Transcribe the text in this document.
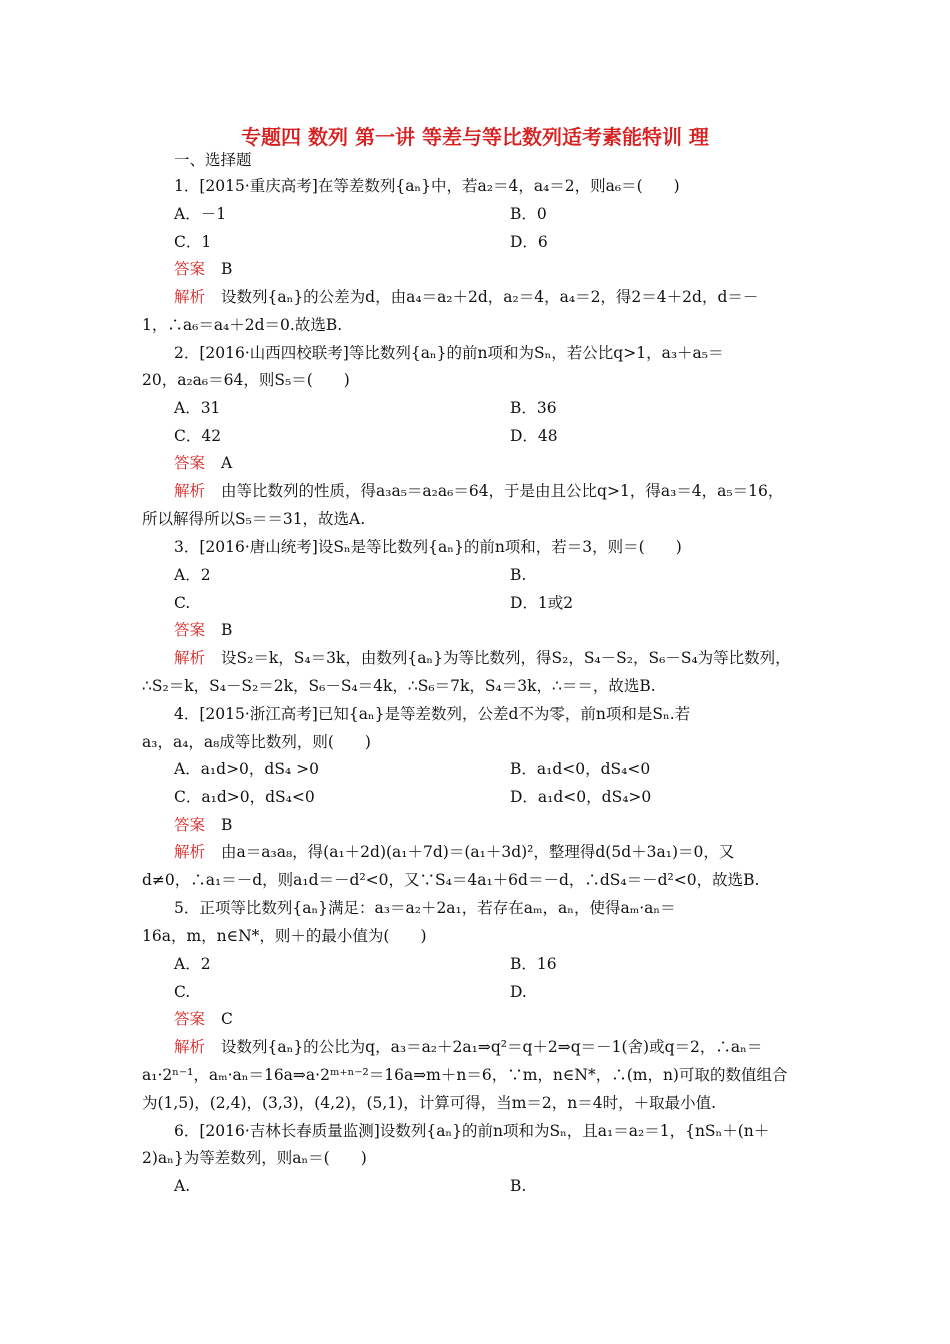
专题四 数列 第一讲 等差与等比数列适考素能特训 理
一、选择题
1．[2015·重庆高考]在等差数列{aₙ}中，若a₂＝4，a₄＝2，则a₆＝(　　)
A．－1	B．0
C．1	D．6
答案 B
解析 设数列{aₙ}的公差为d，由a₄＝a₂＋2d，a₂＝4，a₄＝2，得2＝4＋2d，d＝－
1，∴a₆＝a₄＋2d＝0.故选B.
2．[2016·山西四校联考]等比数列{aₙ}的前n项和为Sₙ，若公比q>1，a₃＋a₅＝
20，a₂a₆＝64，则S₅＝(　　)
A．31	B．36
C．42	D．48
答案 A
解析 由等比数列的性质，得a₃a₅＝a₂a₆＝64，于是由且公比q>1，得a₃＝4，a₅＝16，
所以解得所以S₅＝＝31，故选A.
3．[2016·唐山统考]设Sₙ是等比数列{aₙ}的前n项和，若＝3，则＝(　　)
A．2	B.
C.	D．1或2
答案 B
解析 设S₂＝k，S₄＝3k，由数列{aₙ}为等比数列，得S₂，S₄－S₂，S₆－S₄为等比数列，
∴S₂＝k，S₄－S₂＝2k，S₆－S₄＝4k，∴S₆＝7k，S₄＝3k，∴＝＝，故选B.
4．[2015·浙江高考]已知{aₙ}是等差数列，公差d不为零，前n项和是Sₙ.若
a₃，a₄，a₈成等比数列，则(　　)
A．a₁d>0，dS₄ >0	B．a₁d<0，dS₄<0
C．a₁d>0，dS₄<0	D．a₁d<0，dS₄>0
答案 B
解析 由a＝a₃a₈，得(a₁＋2d)(a₁＋7d)＝(a₁＋3d)²，整理得d(5d＋3a₁)＝0，又
d≠0，∴a₁＝－d，则a₁d＝－d²<0，又∵S₄＝4a₁＋6d＝－d，∴dS₄＝－d²<0，故选B.
5．正项等比数列{aₙ}满足：a₃＝a₂＋2a₁，若存在aₘ，aₙ，使得aₘ·aₙ＝
16a，m，n∈N*，则＋的最小值为(　　)
A．2	B．16
C.	D.
答案 C
解析 设数列{aₙ}的公比为q，a₃＝a₂＋2a₁⇒q²＝q＋2⇒q＝－1(舍)或q＝2，∴aₙ＝
a₁·2ⁿ⁻¹，aₘ·aₙ＝16a⇒a·2ᵐ⁺ⁿ⁻²＝16a⇒m＋n＝6，∵m，n∈N*，∴(m，n)可取的数值组合
为(1,5)，(2,4)，(3,3)，(4,2)，(5,1)，计算可得，当m＝2，n＝4时，＋取最小值.
6．[2016·吉林长春质量监测]设数列{aₙ}的前n项和为Sₙ，且a₁＝a₂＝1，{nSₙ＋(n＋
2)aₙ}为等差数列，则aₙ＝(　　)
A.	B.
